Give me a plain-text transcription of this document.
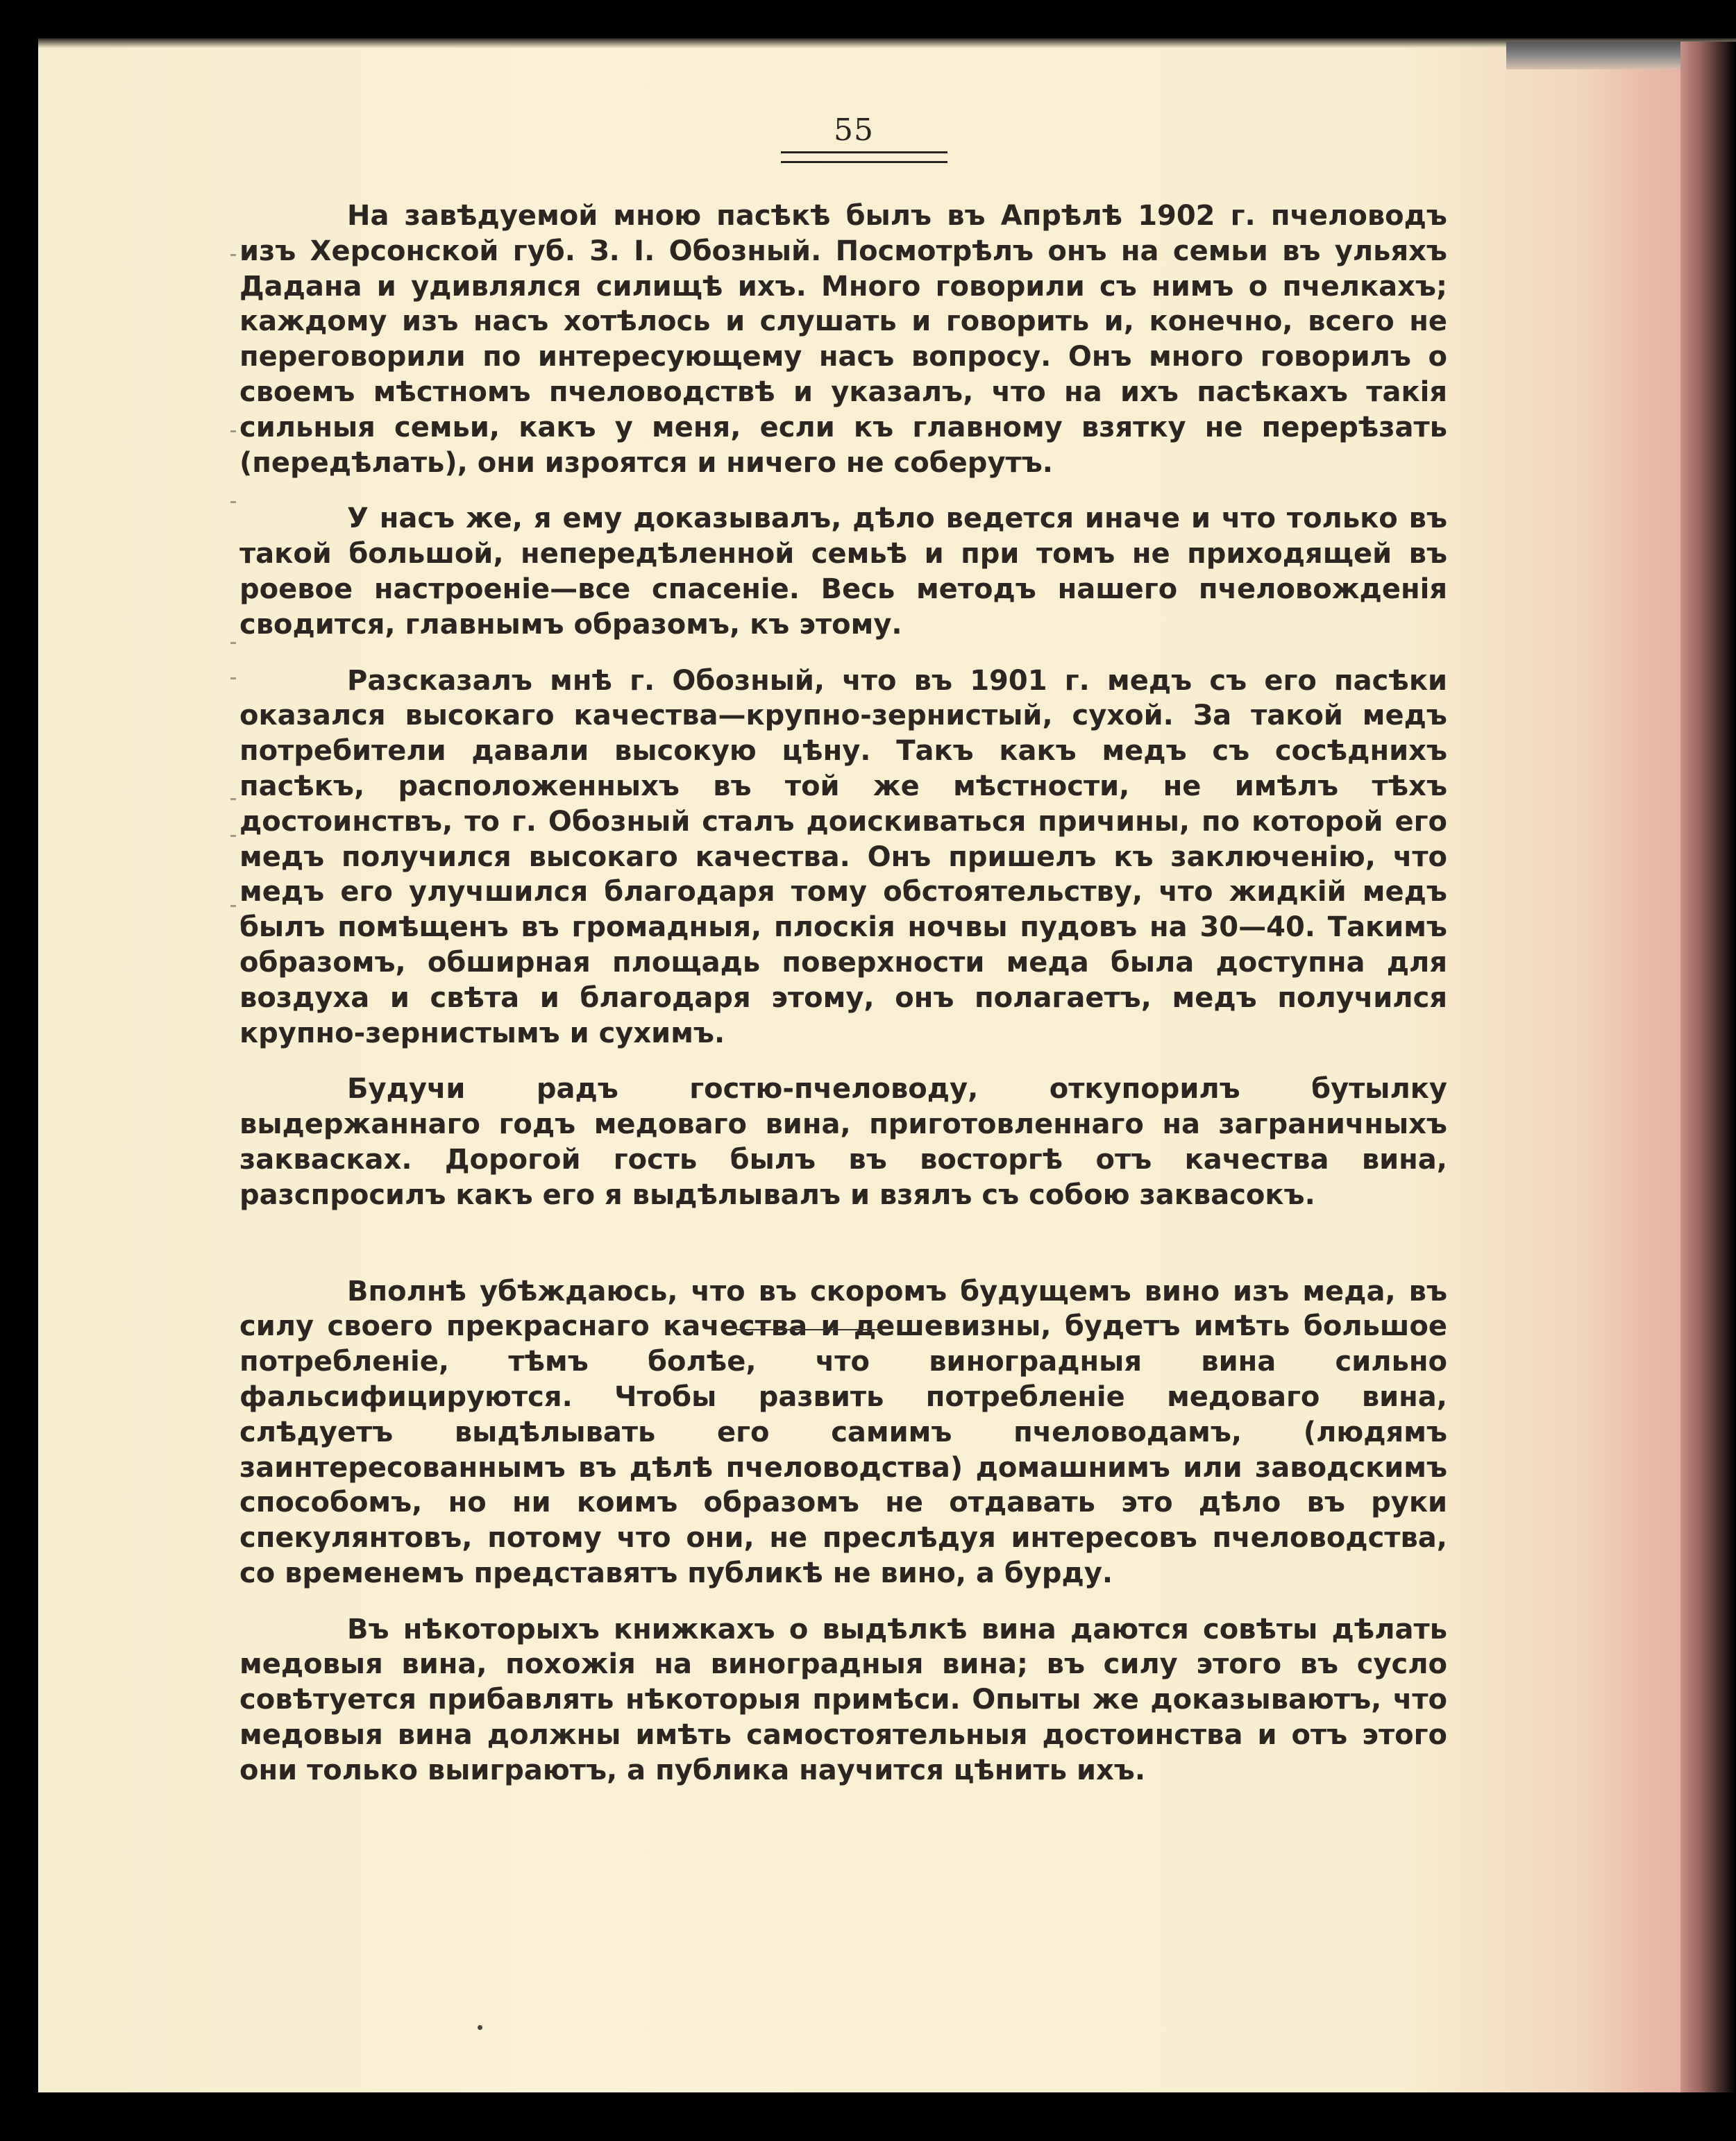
55

На завѣдуемой мною пасѣкѣ былъ въ Апрѣлѣ 1902 г. пчеловодъ изъ Херсонской губ. З. I. Обозный. Посмотрѣлъ онъ на семьи въ ульяхъ Дадана и удивлялся силищѣ ихъ. Много говорили съ нимъ о пчелкахъ; каждому изъ насъ хотѣлось и слушать и говорить и, конечно, всего не переговорили по интересующему насъ вопросу. Онъ много говорилъ о своемъ мѣстномъ пчеловодствѣ и указалъ, что на ихъ пасѣкахъ такія сильныя семьи, какъ у меня, если къ главному взятку не перерѣзать (передѣлать), они изроятся и ничего не соберутъ.

У насъ же, я ему доказывалъ, дѣло ведется иначе и что только въ такой большой, непередѣленной семьѣ и при томъ не приходящей въ роевое настроеніе—все спасеніе. Весь методъ нашего пчеловожденія сводится, главнымъ образомъ, къ этому.

Разсказалъ мнѣ г. Обозный, что въ 1901 г. медъ съ его пасѣки оказался высокаго качества—крупно-зернистый, сухой. За такой медъ потребители давали высокую цѣну. Такъ какъ медъ съ сосѣднихъ пасѣкъ, расположенныхъ въ той же мѣстности, не имѣлъ тѣхъ достоинствъ, то г. Обозный сталъ доискиваться причины, по которой его медъ получился высокаго качества. Онъ пришелъ къ заключенію, что медъ его улучшился благодаря тому обстоятельству, что жидкій медъ былъ помѣщенъ въ громадныя, плоскія ночвы пудовъ на 30—40. Такимъ образомъ, обширная площадь поверхности меда была доступна для воздуха и свѣта и благодаря этому, онъ полагаетъ, медъ получился крупно-зернистымъ и сухимъ.

Будучи радъ гостю-пчеловоду, откупорилъ бутылку выдержаннаго годъ медоваго вина, приготовленнаго на заграничныхъ заквасках. Дорогой гость былъ въ восторгѣ отъ качества вина, разспросилъ какъ его я выдѣлывалъ и взялъ съ собою заквасокъ.

Вполнѣ убѣждаюсь, что въ скоромъ будущемъ вино изъ меда, въ силу своего прекраснаго качества и дешевизны, будетъ имѣть большое потребленіе, тѣмъ болѣе, что виноградныя вина сильно фальсифицируются. Чтобы развить потребленіе медоваго вина, слѣдуетъ выдѣлывать его самимъ пчеловодамъ, (людямъ заинтересованнымъ въ дѣлѣ пчеловодства) домашнимъ или заводскимъ способомъ, но ни коимъ образомъ не отдавать это дѣло въ руки спекулянтовъ, потому что они, не преслѣдуя интересовъ пчеловодства, со временемъ представятъ публикѣ не вино, а бурду.

Въ нѣкоторыхъ книжкахъ о выдѣлкѣ вина даются совѣты дѣлать медовыя вина, похожія на виноградныя вина; въ силу этого въ сусло совѣтуется прибавлять нѣкоторыя примѣси. Опыты же доказываютъ, что медовыя вина должны имѣть самостоятельныя достоинства и отъ этого они только выиграютъ, а публика научится цѣнить ихъ.
